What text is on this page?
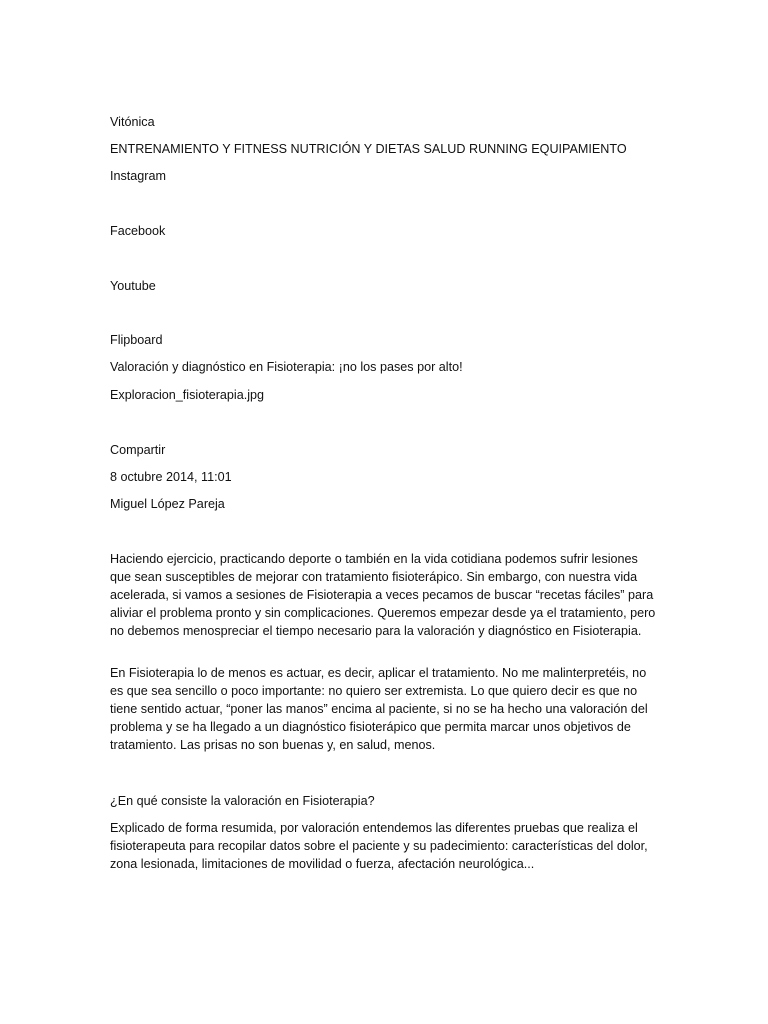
Vitónica

ENTRENAMIENTO Y FITNESS NUTRICIÓN Y DIETAS SALUD RUNNING EQUIPAMIENTO

Instagram
Facebook
Youtube
Flipboard
Valoración y diagnóstico en Fisioterapia: ¡no los pases por alto!

Exploracion_fisioterapia.jpg

Compartir

8 octubre 2014, 11:01

Miguel López Pareja

Haciendo ejercicio, practicando deporte o también en la vida cotidiana podemos sufrir lesiones que sean susceptibles de mejorar con tratamiento fisioterápico. Sin embargo, con nuestra vida acelerada, si vamos a sesiones de Fisioterapia a veces pecamos de buscar “recetas fáciles” para aliviar el problema pronto y sin complicaciones. Queremos empezar desde ya el tratamiento, pero no debemos menospreciar el tiempo necesario para la valoración y diagnóstico en Fisioterapia.

En Fisioterapia lo de menos es actuar, es decir, aplicar el tratamiento. No me malinterpretéis, no es que sea sencillo o poco importante: no quiero ser extremista. Lo que quiero decir es que no tiene sentido actuar, “poner las manos” encima al paciente, si no se ha hecho una valoración del problema y se ha llegado a un diagnóstico fisioterápico que permita marcar unos objetivos de tratamiento. Las prisas no son buenas y, en salud, menos.

¿En qué consiste la valoración en Fisioterapia?

Explicado de forma resumida, por valoración entendemos las diferentes pruebas que realiza el fisioterapeuta para recopilar datos sobre el paciente y su padecimiento: características del dolor, zona lesionada, limitaciones de movilidad o fuerza, afectación neurológica...
